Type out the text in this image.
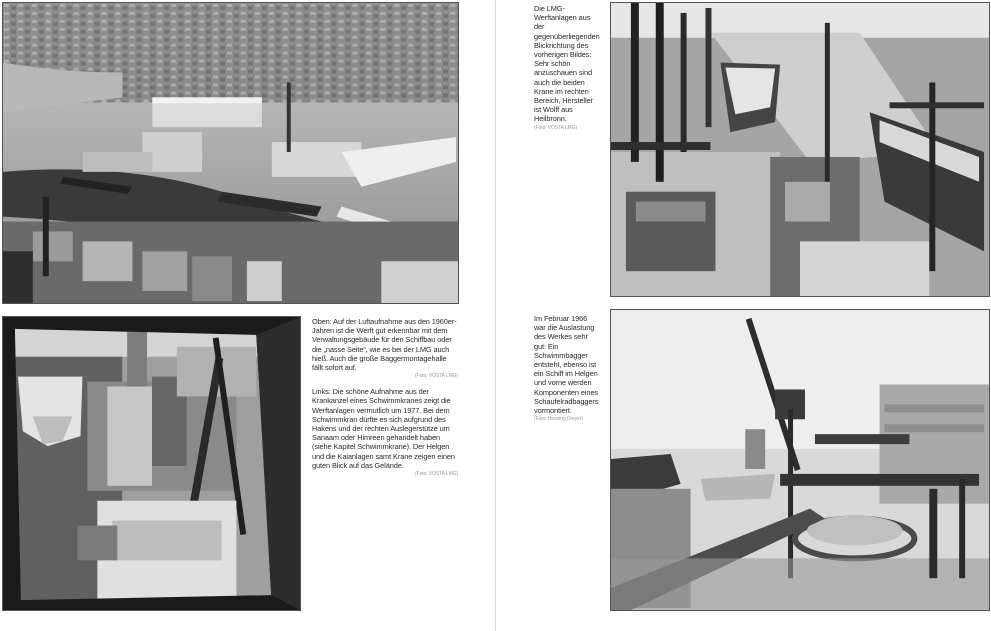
Oben: Auf der Luftaufnahme aus den 1960er-Jahren ist die Werft gut erkennbar mit dem Verwaltungsgebäude für den Schiffbau oder die „nasse Seite“, wie es bei der LMG auch hieß. Auch die große Baggermontagehalle fällt sofort auf.
(Foto: VOSTA LMG)

Links: Die schöne Aufnahme aus der Krankanzel eines Schwimmkranes zeigt die Werftanlagen vermutlich um 1977. Bei dem Schwimmkran dürfte es sich aufgrund des Hakens und der rechten Auslegerstütze um Sanaam oder Himreen gehandelt haben (siehe Kapitel Schwimmkrane). Der Helgen und die Kaianlagen samt Krane zeigen einen guten Blick auf das Gelände.
(Foto: VOSTA LMG)

Die LMG-Werftanlagen aus der gegenüberliegenden Blickrichtung des vorherigen Bildes: Sehr schön anzuschauen sind auch die beiden Krane im rechten Bereich, Hersteller ist Wolff aus Heilbronn.
(Foto: VOSTA LMG)

Im Februar 1966 war die Auslastung des Werkes sehr gut: Ein Schwimmbagger entsteht, ebenso ist ein Schiff im Helgen und vorne werden Komponenten eines Schaufelradbaggers vormontiert.
(Foto: Henning Dreyer)
